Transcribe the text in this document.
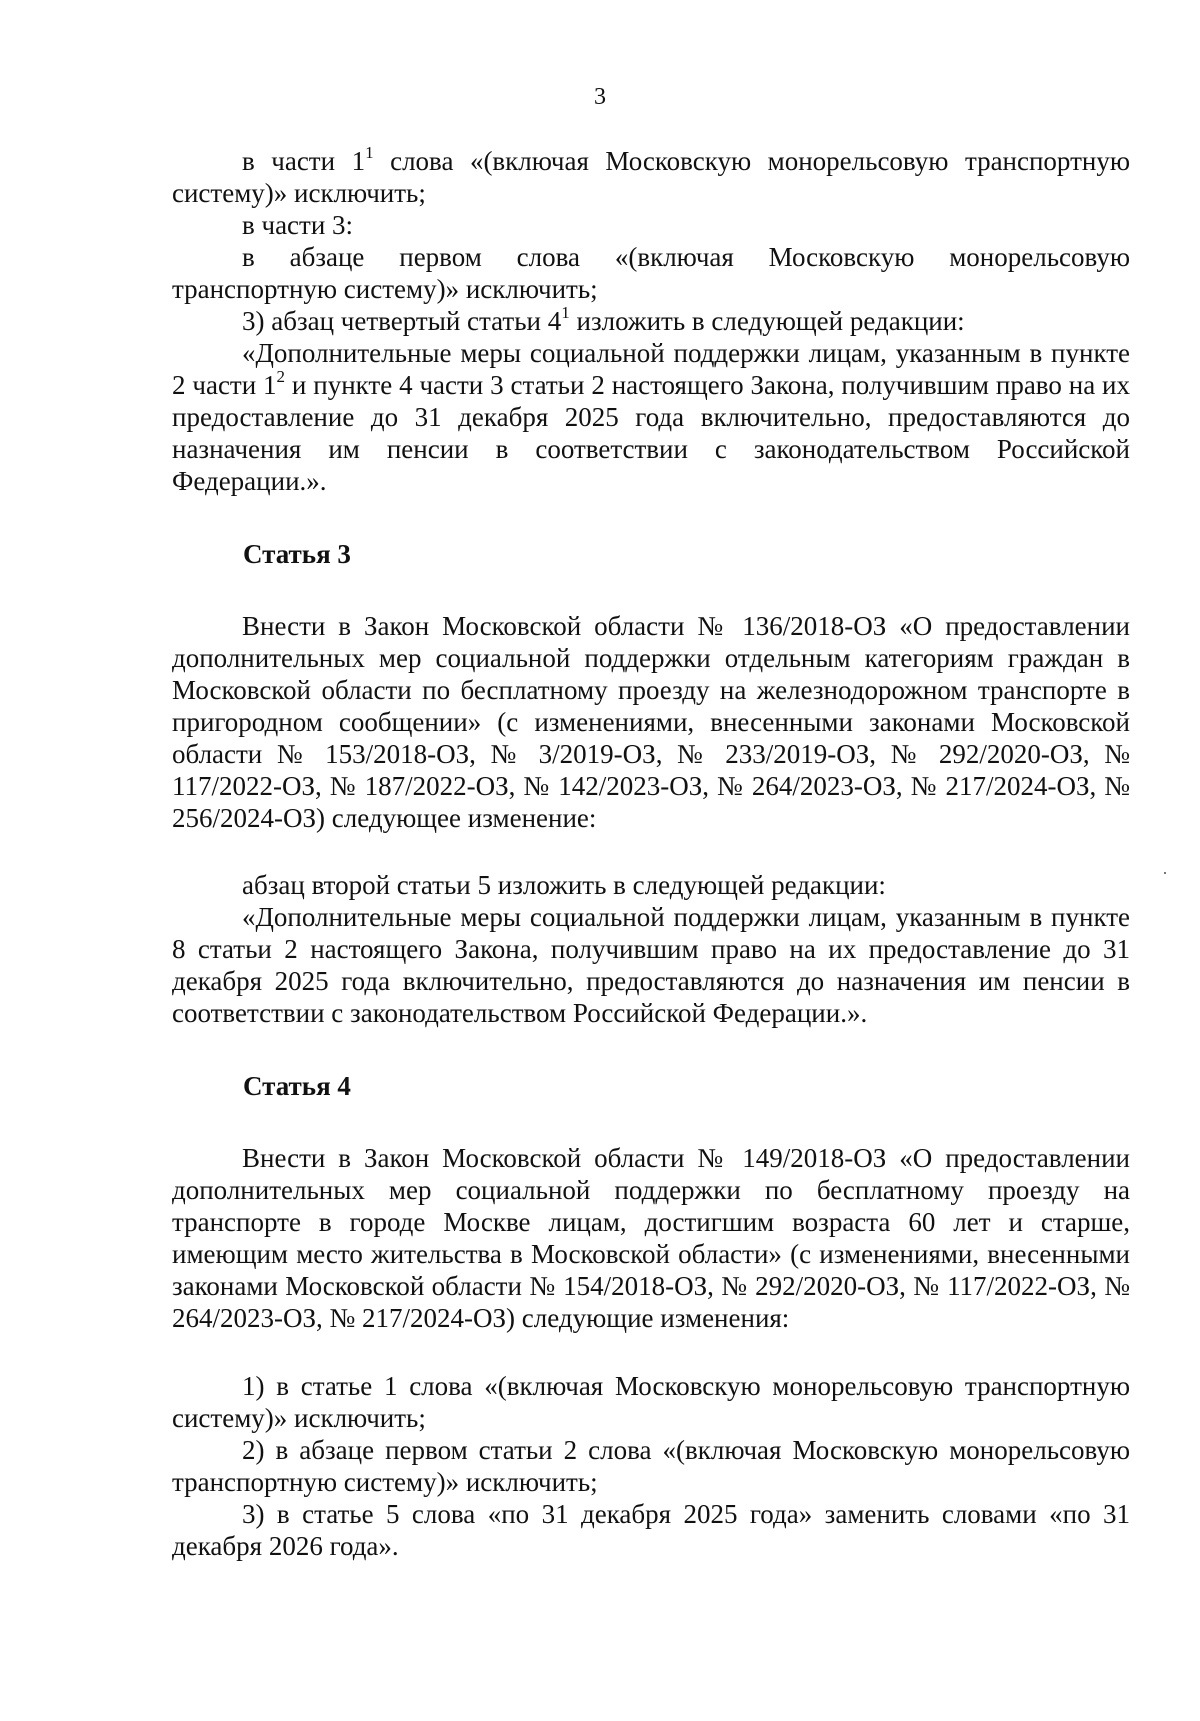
3

в части $1^1$ слова «(включая Московскую монорельсовую транспортную систему)» исключить;

в части 3:

в абзаце первом слова «(включая Московскую монорельсовую транспортную систему)» исключить;

3) абзац четвертый статьи $4^1$ изложить в следующей редакции:

«Дополнительные меры социальной поддержки лицам, указанным в пункте 2 части $1^2$ и пункте 4 части 3 статьи 2 настоящего Закона, получившим право на их предоставление до 31 декабря 2025 года включительно, предоставляются до назначения им пенсии в соответствии с законодательством Российской Федерации.».

Статья 3

Внести в Закон Московской области № 136/2018-ОЗ «О предоставлении дополнительных мер социальной поддержки отдельным категориям граждан в Московской области по бесплатному проезду на железнодорожном транспорте в пригородном сообщении» (с изменениями, внесенными законами Московской области № 153/2018-ОЗ, № 3/2019-ОЗ, № 233/2019-ОЗ, № 292/2020-ОЗ, № 117/2022-ОЗ, № 187/2022-ОЗ, № 142/2023-ОЗ, № 264/2023-ОЗ, № 217/2024-ОЗ, № 256/2024-ОЗ) следующее изменение:

абзац второй статьи 5 изложить в следующей редакции:

«Дополнительные меры социальной поддержки лицам, указанным в пункте 8 статьи 2 настоящего Закона, получившим право на их предоставление до 31 декабря 2025 года включительно, предоставляются до назначения им пенсии в соответствии с законодательством Российской Федерации.».

Статья 4

Внести в Закон Московской области № 149/2018-ОЗ «О предоставлении дополнительных мер социальной поддержки по бесплатному проезду на транспорте в городе Москве лицам, достигшим возраста 60 лет и старше, имеющим место жительства в Московской области» (с изменениями, внесенными законами Московской области № 154/2018-ОЗ, № 292/2020-ОЗ, № 117/2022-ОЗ, № 264/2023-ОЗ, № 217/2024-ОЗ) следующие изменения:

1) в статье 1 слова «(включая Московскую монорельсовую транспортную систему)» исключить;

2) в абзаце первом статьи 2 слова «(включая Московскую монорельсовую транспортную систему)» исключить;

3) в статье 5 слова «по 31 декабря 2025 года» заменить словами «по 31 декабря 2026 года».
